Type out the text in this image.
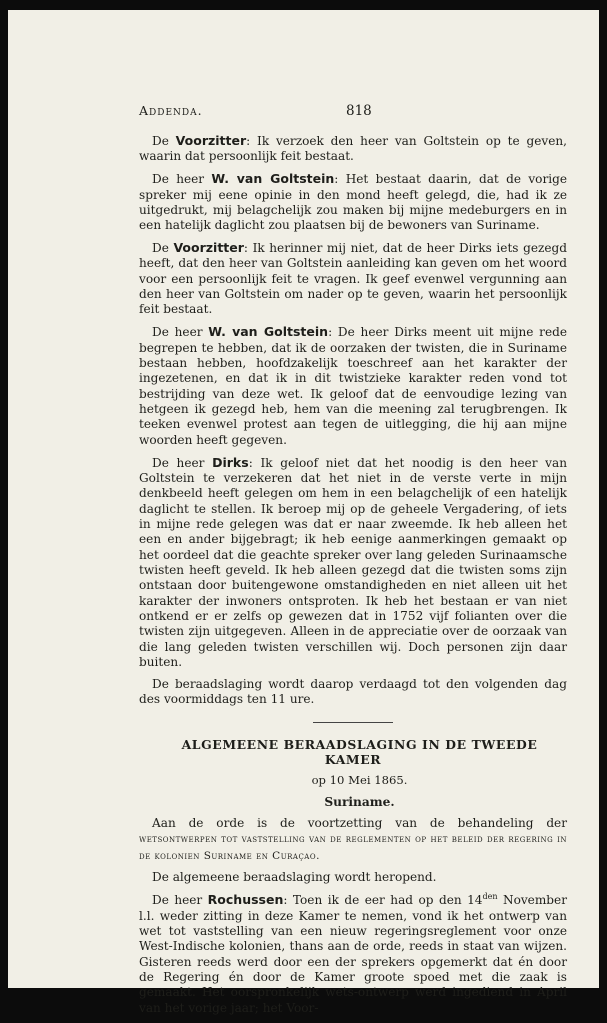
Addenda.	818

De Voorzitter: Ik verzoek den heer van Goltstein op te geven, waarin dat persoonlijk feit bestaat.

De heer W. van Goltstein: Het bestaat daarin, dat de vorige spreker mij eene opinie in den mond heeft gelegd, die, had ik ze uitgedrukt, mij belagchelijk zou maken bij mijne medeburgers en in een hatelijk daglicht zou plaatsen bij de bewoners van Suriname.

De Voorzitter: Ik herinner mij niet, dat de heer Dirks iets gezegd heeft, dat den heer van Goltstein aanleiding kan geven om het woord voor een persoonlijk feit te vragen. Ik geef evenwel vergunning aan den heer van Goltstein om nader op te geven, waarin het persoonlijk feit bestaat.

De heer W. van Goltstein: De heer Dirks meent uit mijne rede begrepen te hebben, dat ik de oorzaken der twisten, die in Suriname bestaan hebben, hoofdzakelijk toeschreef aan het karakter der ingezetenen, en dat ik in dit twistzieke karakter reden vond tot bestrijding van deze wet. Ik geloof dat de eenvoudige lezing van hetgeen ik gezegd heb, hem van die meening zal terugbrengen. Ik teeken evenwel protest aan tegen de uitlegging, die hij aan mijne woorden heeft gegeven.

De heer Dirks: Ik geloof niet dat het noodig is den heer van Goltstein te verzekeren dat het niet in de verste verte in mijn denkbeeld heeft gelegen om hem in een belagchelijk of een hatelijk daglicht te stellen. Ik beroep mij op de geheele Vergadering, of iets in mijne rede gelegen was dat er naar zweemde. Ik heb alleen het een en ander bijgebragt; ik heb eenige aanmerkingen gemaakt op het oordeel dat die geachte spreker over lang geleden Surinaamsche twisten heeft geveld. Ik heb alleen gezegd dat die twisten soms zijn ontstaan door buitengewone omstandigheden en niet alleen uit het karakter der inwoners ontsproten. Ik heb het bestaan er van niet ontkend er er zelfs op gewezen dat in 1752 vijf folianten over die twisten zijn uitgegeven. Alleen in de appreciatie over de oorzaak van die lang geleden twisten verschillen wij. Doch personen zijn daar buiten.

De beraadslaging wordt daarop verdaagd tot den volgenden dag des voormiddags ten 11 ure.

ALGEMEENE BERAADSLAGING IN DE TWEEDE KAMER

op 10 Mei 1865.

Suriname.

Aan de orde is de voortzetting van de behandeling der wetsontwerpen tot vaststelling van de reglementen op het beleid der regering in de kolonien Suriname en Curaçao.

De algemeene beraadslaging wordt heropend.

De heer Rochussen: Toen ik de eer had op den $14^{den}$ November l.l. weder zitting in deze Kamer te nemen, vond ik het ontwerp van wet tot vaststelling van een nieuw regeringsreglement voor onze West-Indische kolonien, thans aan de orde, reeds in staat van wijzen. Gisteren reeds werd door een der sprekers opgemerkt dat én door de Regering én door de Kamer groote spoed met die zaak is gemaakt. Het oorspronkelijk wets-ontwerp werd ingediend in April van het vorige jaar; het Voor-
